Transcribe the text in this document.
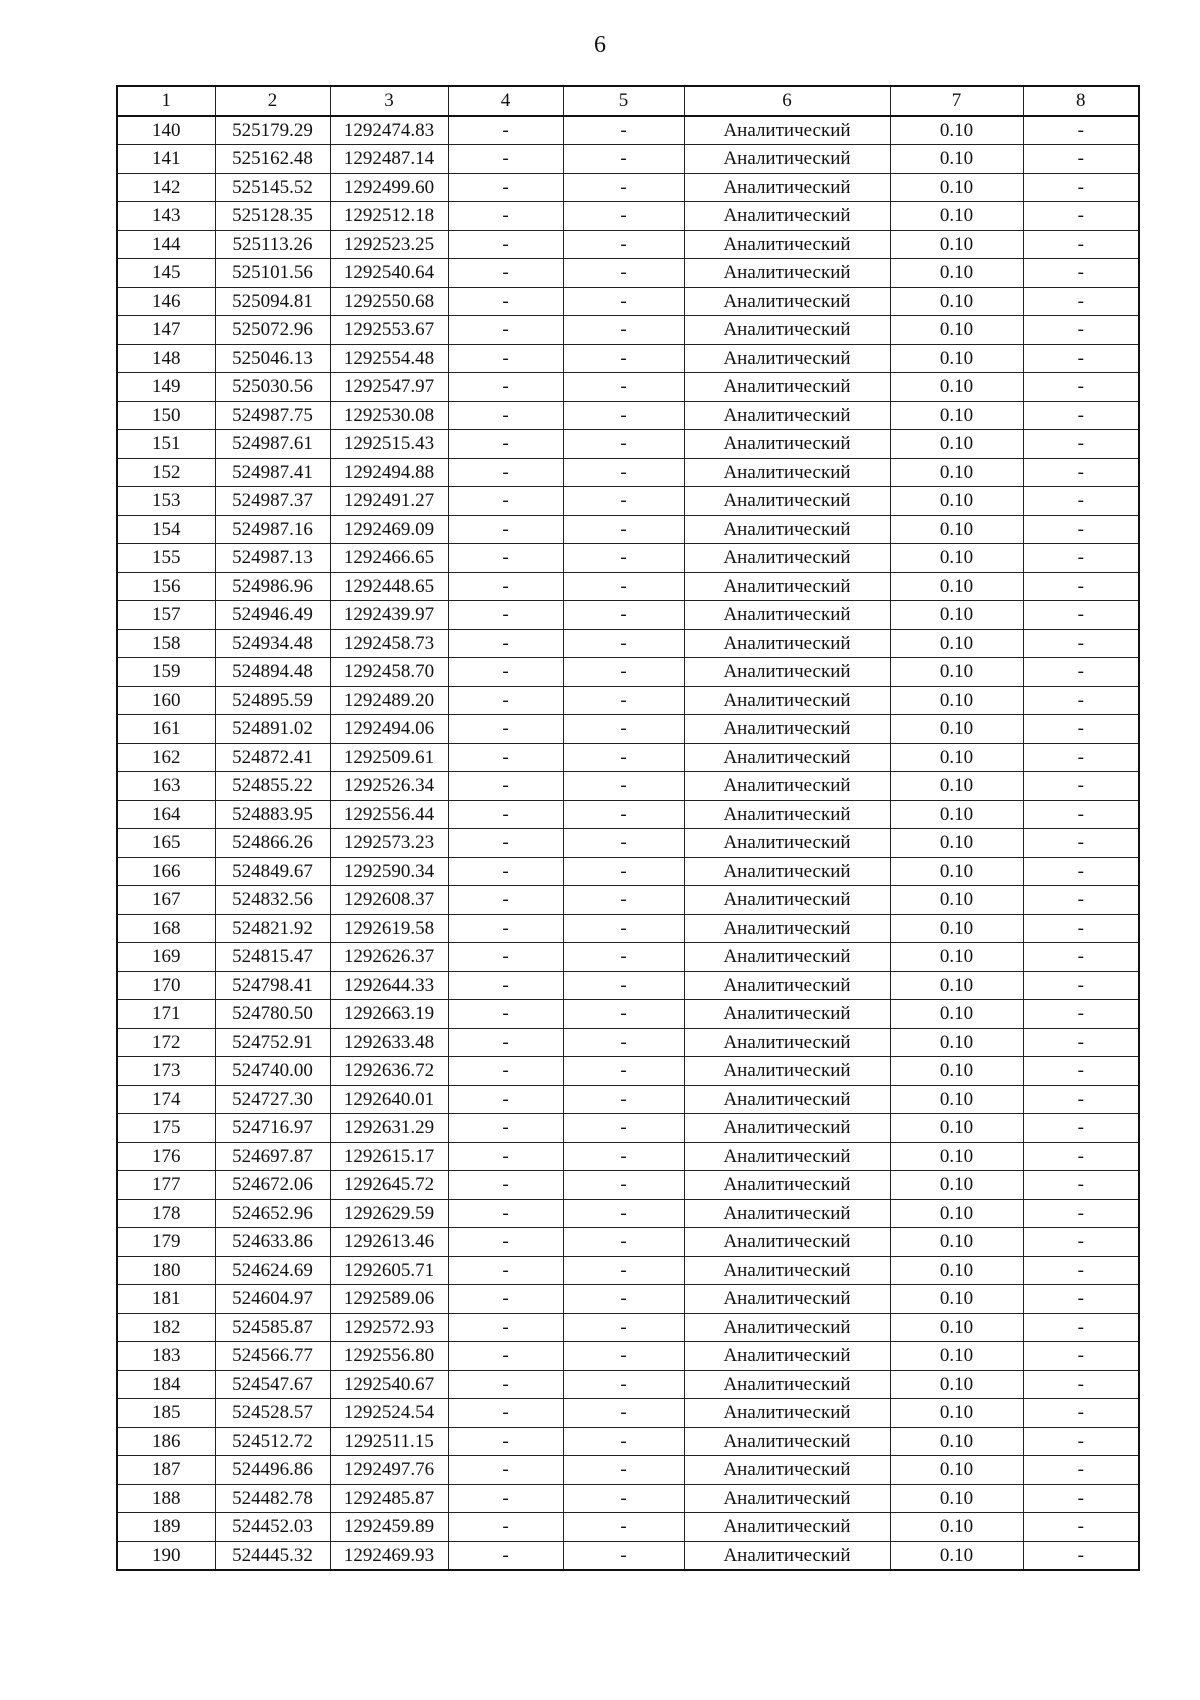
6
1	2	3	4	5	6	7	8
140	525179.29	1292474.83	-	-	Аналитический	0.10	-
141	525162.48	1292487.14	-	-	Аналитический	0.10	-
142	525145.52	1292499.60	-	-	Аналитический	0.10	-
143	525128.35	1292512.18	-	-	Аналитический	0.10	-
144	525113.26	1292523.25	-	-	Аналитический	0.10	-
145	525101.56	1292540.64	-	-	Аналитический	0.10	-
146	525094.81	1292550.68	-	-	Аналитический	0.10	-
147	525072.96	1292553.67	-	-	Аналитический	0.10	-
148	525046.13	1292554.48	-	-	Аналитический	0.10	-
149	525030.56	1292547.97	-	-	Аналитический	0.10	-
150	524987.75	1292530.08	-	-	Аналитический	0.10	-
151	524987.61	1292515.43	-	-	Аналитический	0.10	-
152	524987.41	1292494.88	-	-	Аналитический	0.10	-
153	524987.37	1292491.27	-	-	Аналитический	0.10	-
154	524987.16	1292469.09	-	-	Аналитический	0.10	-
155	524987.13	1292466.65	-	-	Аналитический	0.10	-
156	524986.96	1292448.65	-	-	Аналитический	0.10	-
157	524946.49	1292439.97	-	-	Аналитический	0.10	-
158	524934.48	1292458.73	-	-	Аналитический	0.10	-
159	524894.48	1292458.70	-	-	Аналитический	0.10	-
160	524895.59	1292489.20	-	-	Аналитический	0.10	-
161	524891.02	1292494.06	-	-	Аналитический	0.10	-
162	524872.41	1292509.61	-	-	Аналитический	0.10	-
163	524855.22	1292526.34	-	-	Аналитический	0.10	-
164	524883.95	1292556.44	-	-	Аналитический	0.10	-
165	524866.26	1292573.23	-	-	Аналитический	0.10	-
166	524849.67	1292590.34	-	-	Аналитический	0.10	-
167	524832.56	1292608.37	-	-	Аналитический	0.10	-
168	524821.92	1292619.58	-	-	Аналитический	0.10	-
169	524815.47	1292626.37	-	-	Аналитический	0.10	-
170	524798.41	1292644.33	-	-	Аналитический	0.10	-
171	524780.50	1292663.19	-	-	Аналитический	0.10	-
172	524752.91	1292633.48	-	-	Аналитический	0.10	-
173	524740.00	1292636.72	-	-	Аналитический	0.10	-
174	524727.30	1292640.01	-	-	Аналитический	0.10	-
175	524716.97	1292631.29	-	-	Аналитический	0.10	-
176	524697.87	1292615.17	-	-	Аналитический	0.10	-
177	524672.06	1292645.72	-	-	Аналитический	0.10	-
178	524652.96	1292629.59	-	-	Аналитический	0.10	-
179	524633.86	1292613.46	-	-	Аналитический	0.10	-
180	524624.69	1292605.71	-	-	Аналитический	0.10	-
181	524604.97	1292589.06	-	-	Аналитический	0.10	-
182	524585.87	1292572.93	-	-	Аналитический	0.10	-
183	524566.77	1292556.80	-	-	Аналитический	0.10	-
184	524547.67	1292540.67	-	-	Аналитический	0.10	-
185	524528.57	1292524.54	-	-	Аналитический	0.10	-
186	524512.72	1292511.15	-	-	Аналитический	0.10	-
187	524496.86	1292497.76	-	-	Аналитический	0.10	-
188	524482.78	1292485.87	-	-	Аналитический	0.10	-
189	524452.03	1292459.89	-	-	Аналитический	0.10	-
190	524445.32	1292469.93	-	-	Аналитический	0.10	-
